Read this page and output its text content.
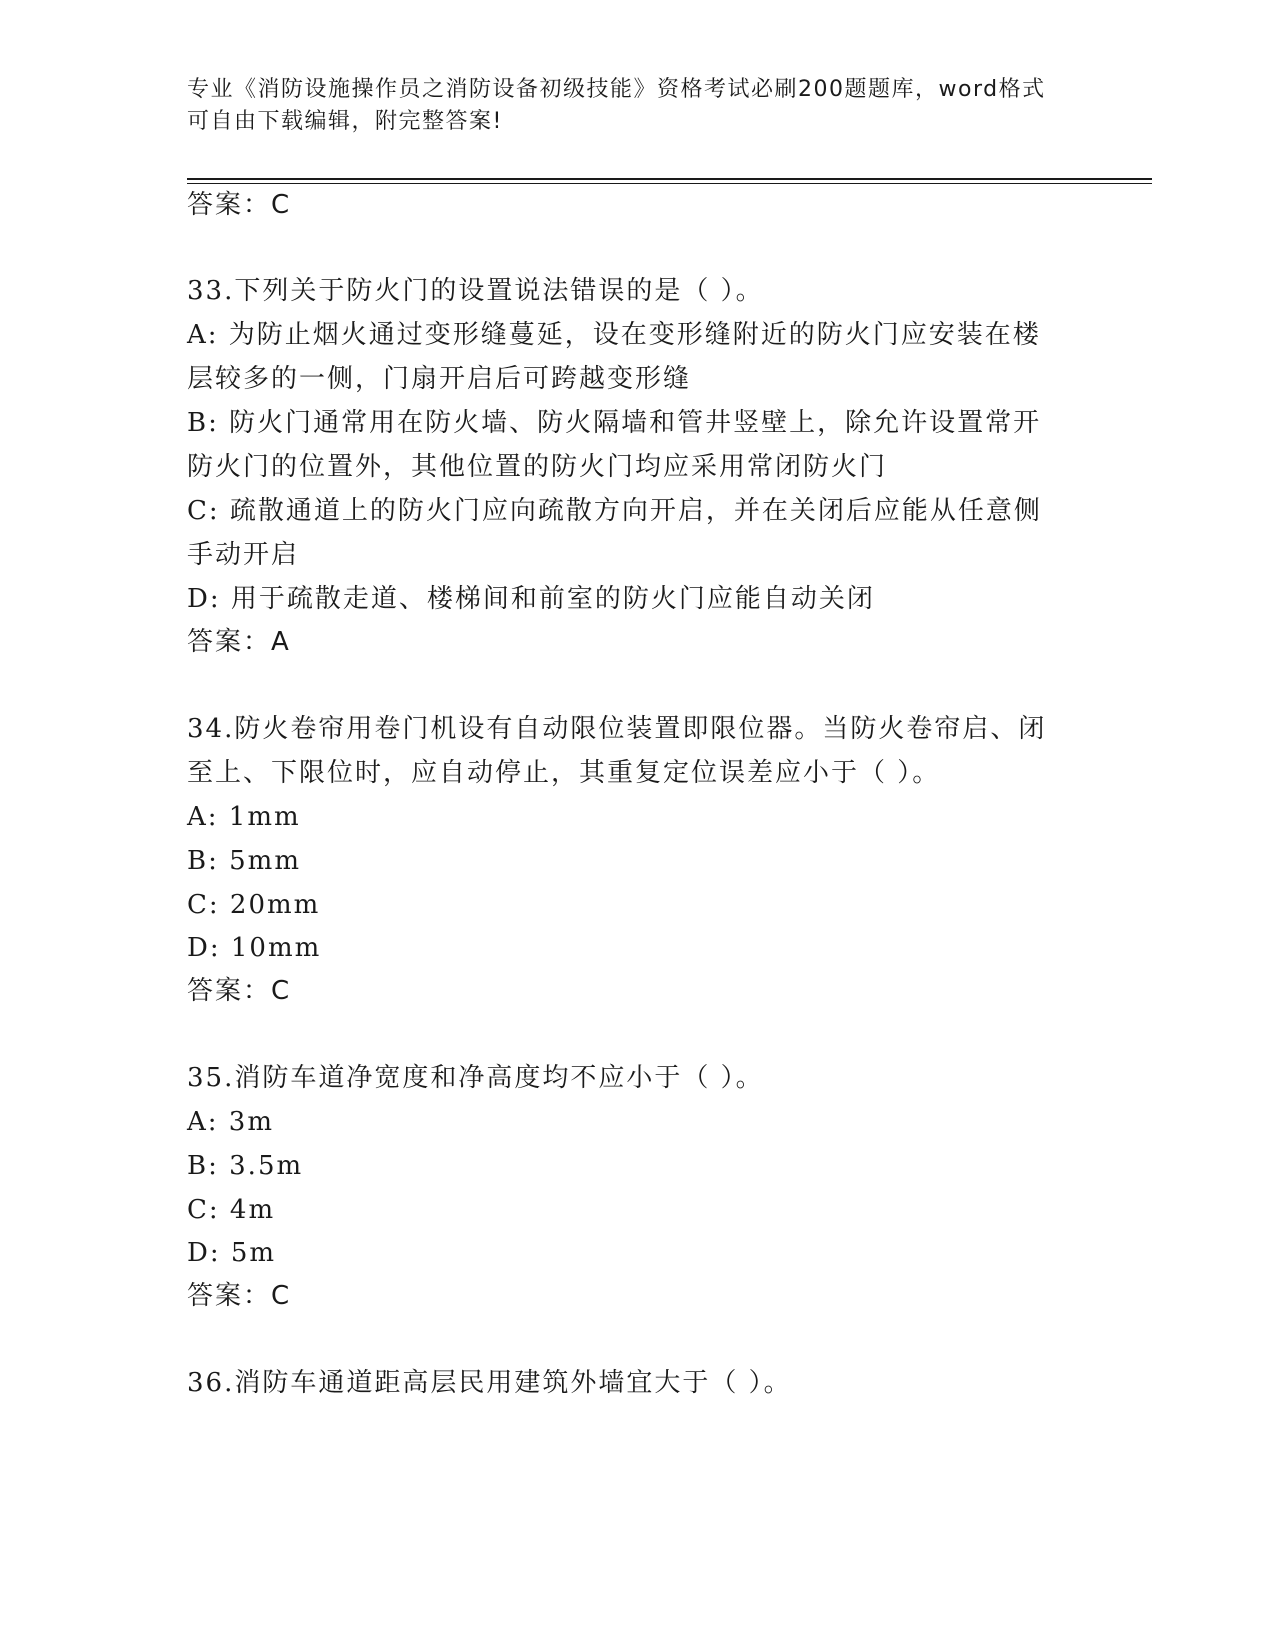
专业《消防设施操作员之消防设备初级技能》资格考试必刷200题题库，word格式可自由下载编辑，附完整答案!
答案：C
33.下列关于防火门的设置说法错误的是（ ）。
A: 为防止烟火通过变形缝蔓延，设在变形缝附近的防火门应安装在楼
层较多的一侧，门扇开启后可跨越变形缝
B: 防火门通常用在防火墙、防火隔墙和管井竖壁上，除允许设置常开
防火门的位置外，其他位置的防火门均应采用常闭防火门
C: 疏散通道上的防火门应向疏散方向开启，并在关闭后应能从任意侧
手动开启
D: 用于疏散走道、楼梯间和前室的防火门应能自动关闭
答案：A
34.防火卷帘用卷门机设有自动限位装置即限位器。当防火卷帘启、闭
至上、下限位时，应自动停止，其重复定位误差应小于（ ）。
A: 1mm
B: 5mm
C: 20mm
D: 10mm
答案：C
35.消防车道净宽度和净高度均不应小于（ ）。
A: 3m
B: 3.5m
C: 4m
D: 5m
答案：C
36.消防车通道距高层民用建筑外墙宜大于（ ）。
